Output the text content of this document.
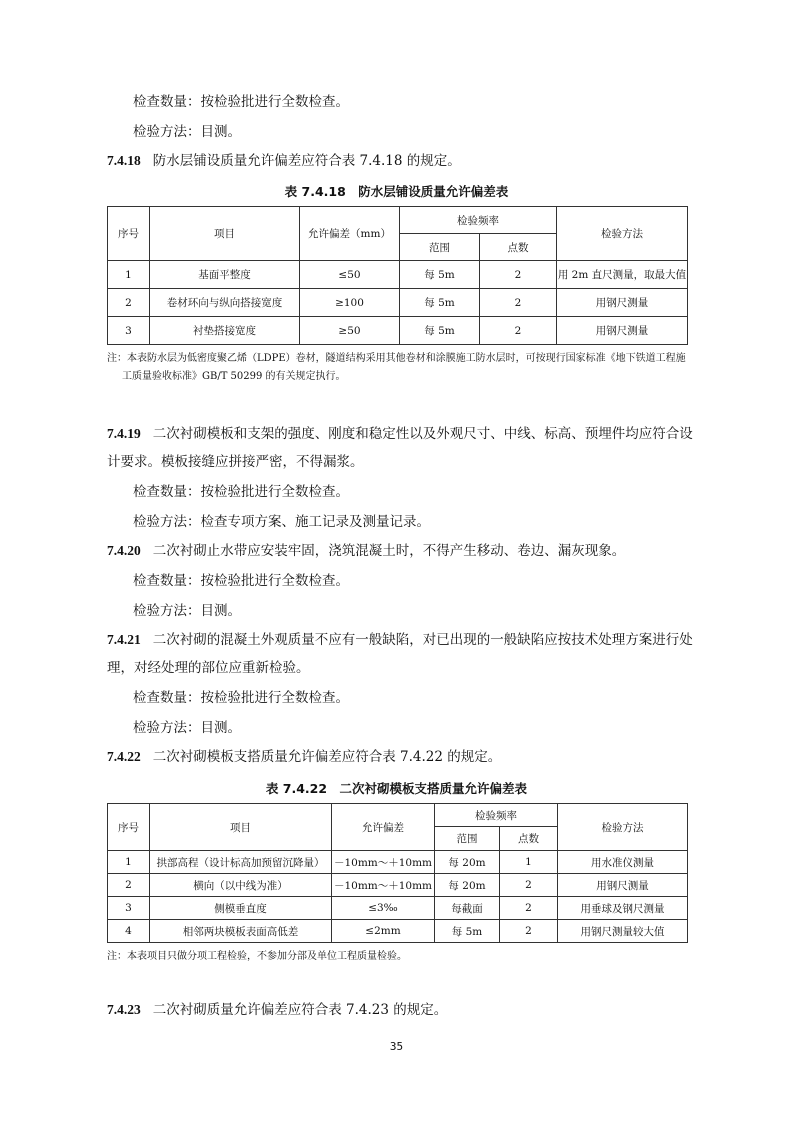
检查数量：按检验批进行全数检查。
检验方法：目测。
7.4.18 防水层铺设质量允许偏差应符合表 7.4.18 的规定。
表 7.4.18　防水层铺设质量允许偏差表
序号	项目	允许偏差（mm）	检验频率		检验方法
			范围	点数	
1	基面平整度	≤50	每 5m	2	用 2m 直尺测量，取最大值
2	卷材环向与纵向搭接宽度	≥100	每 5m	2	用钢尺测量
3	衬垫搭接宽度	≥50	每 5m	2	用钢尺测量
注：本表防水层为低密度聚乙烯（LDPE）卷材，隧道结构采用其他卷材和涂膜施工防水层时，可按现行国家标准《地下铁道工程施
工质量验收标准》GB/T 50299 的有关规定执行。
7.4.19 二次衬砌模板和支架的强度、刚度和稳定性以及外观尺寸、中线、标高、预埋件均应符合设
计要求。模板接缝应拼接严密，不得漏浆。
检查数量：按检验批进行全数检查。
检验方法：检查专项方案、施工记录及测量记录。
7.4.20 二次衬砌止水带应安装牢固，浇筑混凝土时，不得产生移动、卷边、漏灰现象。
检查数量：按检验批进行全数检查。
检验方法：目测。
7.4.21 二次衬砌的混凝土外观质量不应有一般缺陷，对已出现的一般缺陷应按技术处理方案进行处
理，对经处理的部位应重新检验。
检查数量：按检验批进行全数检查。
检验方法：目测。
7.4.22 二次衬砌模板支搭质量允许偏差应符合表 7.4.22 的规定。
表 7.4.22　二次衬砌模板支搭质量允许偏差表
序号	项目	允许偏差	检验频率		检验方法
			范围	点数	
1	拱部高程（设计标高加预留沉降量）	－10mm～＋10mm	每 20m	1	用水准仪测量
2	横向（以中线为准）	－10mm～＋10mm	每 20m	2	用钢尺测量
3	侧模垂直度	≤3‰	每截面	2	用垂球及钢尺测量
4	相邻两块模板表面高低差	≤2mm	每 5m	2	用钢尺测量较大值
注：本表项目只做分项工程检验，不参加分部及单位工程质量检验。
7.4.23 二次衬砌质量允许偏差应符合表 7.4.23 的规定。
35
